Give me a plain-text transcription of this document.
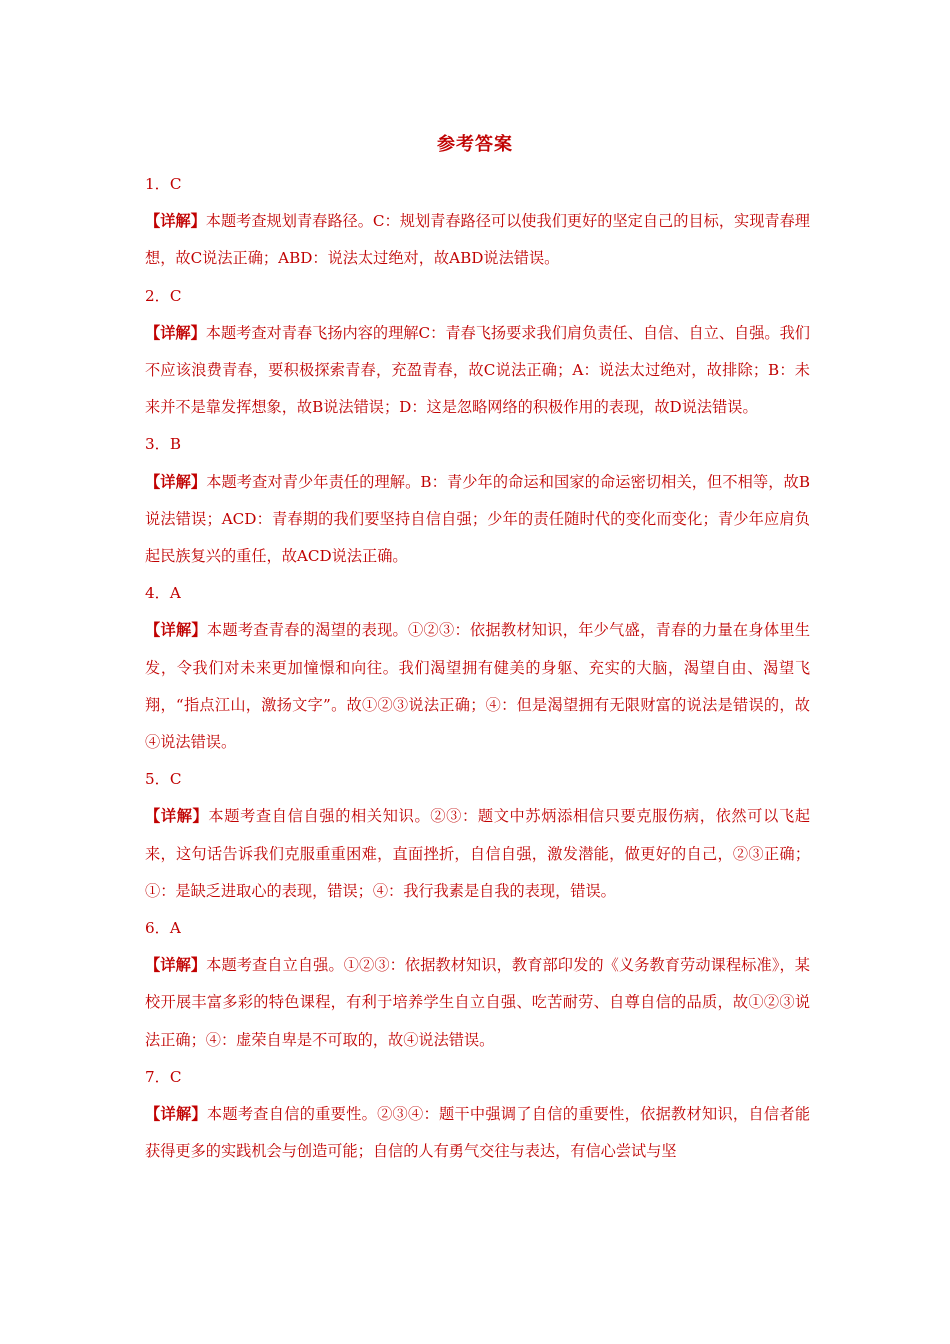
参考答案

1．C

【详解】本题考查规划青春路径。C：规划青春路径可以使我们更好的坚定自己的目标，实现青春理想，故C说法正确；ABD：说法太过绝对，故ABD说法错误。

2．C

【详解】本题考查对青春飞扬内容的理解C：青春飞扬要求我们肩负责任、自信、自立、自强。我们不应该浪费青春，要积极探索青春，充盈青春，故C说法正确；A：说法太过绝对，故排除；B：未来并不是靠发挥想象，故B说法错误；D：这是忽略网络的积极作用的表现，故D说法错误。

3．B

【详解】本题考查对青少年责任的理解。B：青少年的命运和国家的命运密切相关，但不相等，故B说法错误；ACD：青春期的我们要坚持自信自强；少年的责任随时代的变化而变化；青少年应肩负起民族复兴的重任，故ACD说法正确。

4．A

【详解】本题考查青春的渴望的表现。①②③：依据教材知识，年少气盛，青春的力量在身体里生发，令我们对未来更加憧憬和向往。我们渴望拥有健美的身躯、充实的大脑，渴望自由、渴望飞翔，“指点江山，激扬文字”。故①②③说法正确；④：但是渴望拥有无限财富的说法是错误的，故④说法错误。

5．C

【详解】本题考查自信自强的相关知识。②③：题文中苏炳添相信只要克服伤病，依然可以飞起来，这句话告诉我们克服重重困难，直面挫折，自信自强，激发潜能，做更好的自己，②③正确；①：是缺乏进取心的表现，错误；④：我行我素是自我的表现，错误。

6．A

【详解】本题考查自立自强。①②③：依据教材知识，教育部印发的《义务教育劳动课程标准》，某校开展丰富多彩的特色课程，有利于培养学生自立自强、吃苦耐劳、自尊自信的品质，故①②③说法正确；④：虚荣自卑是不可取的，故④说法错误。

7．C

【详解】本题考查自信的重要性。②③④：题干中强调了自信的重要性，依据教材知识，自信者能获得更多的实践机会与创造可能；自信的人有勇气交往与表达，有信心尝试与坚
